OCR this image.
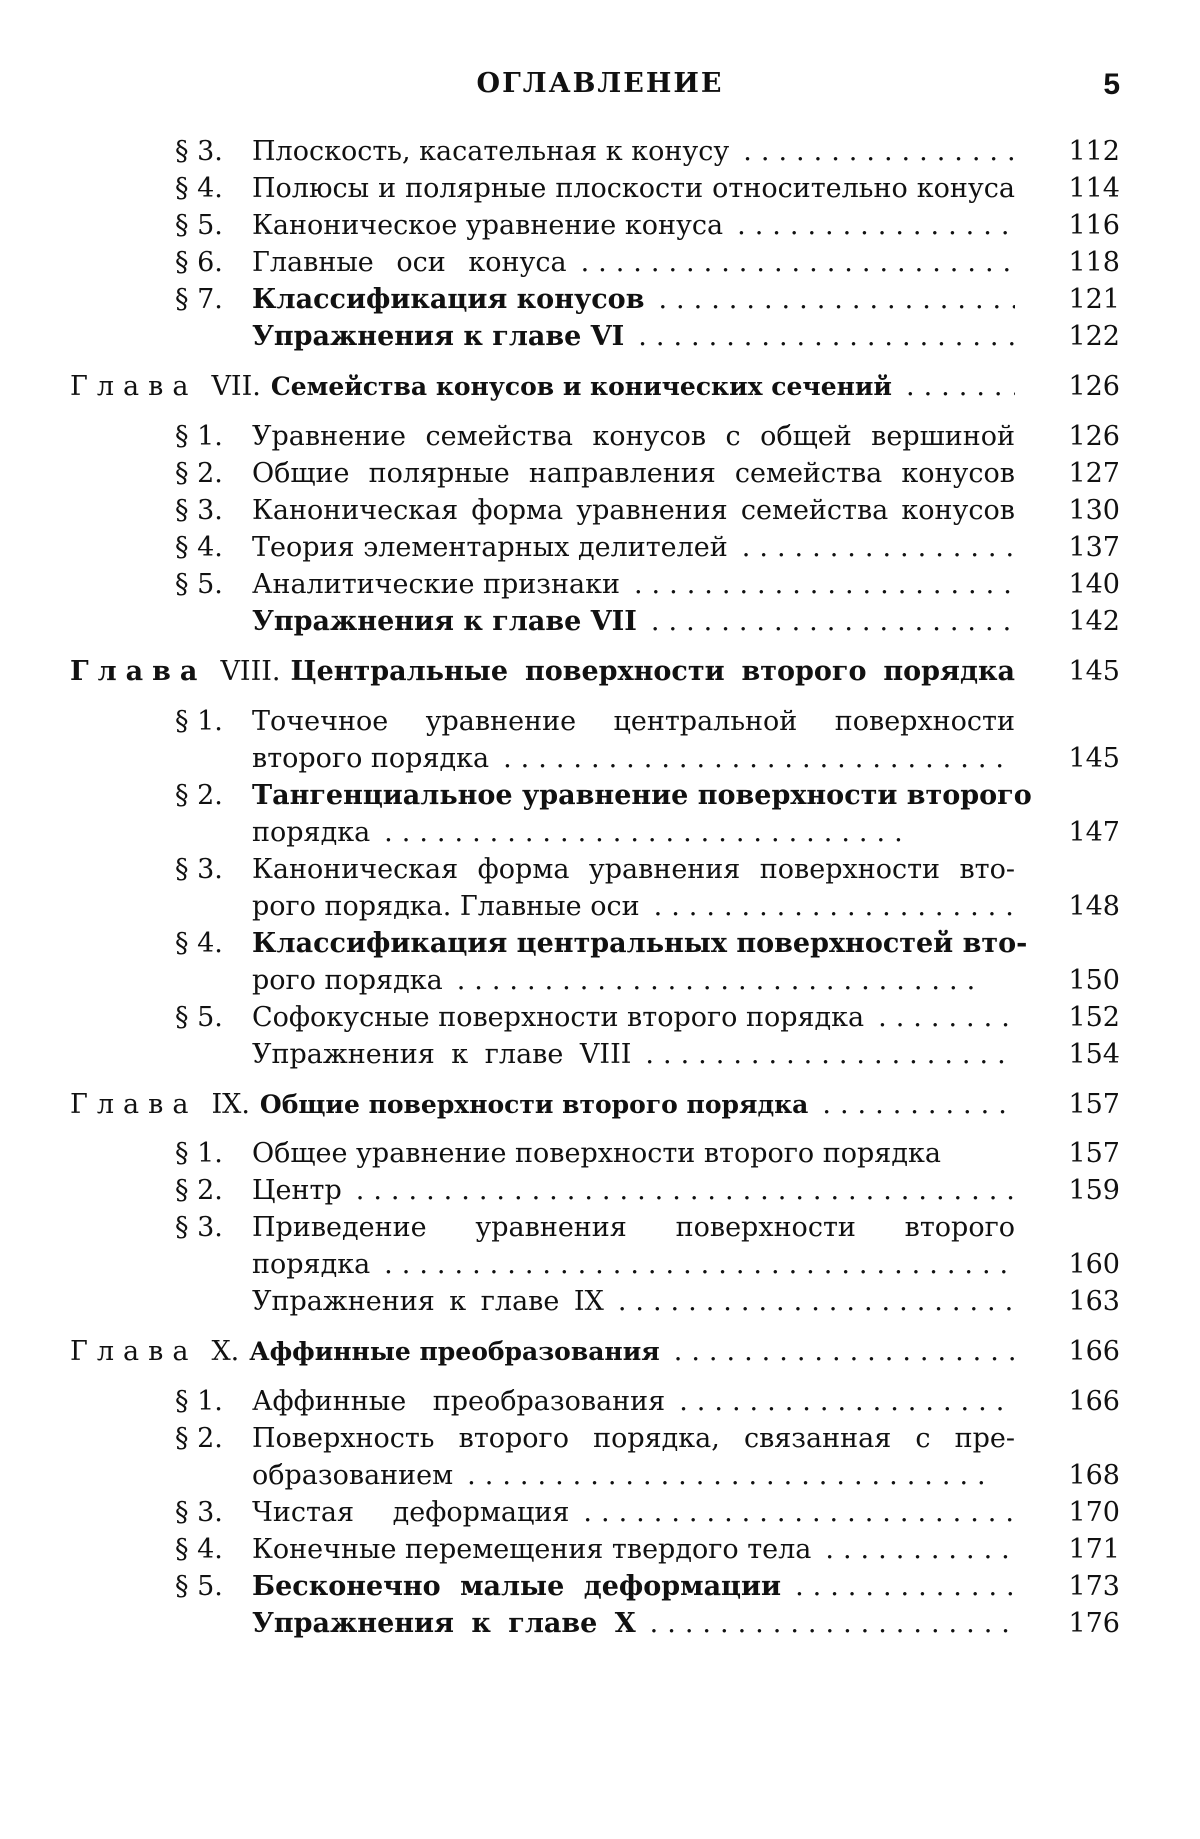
ОГЛАВЛЕНИЕ	5
§ 3. Плоскость, касательная к конусу ...............	112
§ 4. Полюсы и полярные плоскости относительно конуса	114
§ 5. Каноническое уравнение конуса ...............	116
§ 6. Главные оси конуса ........................	118
§ 7. Классификация конусов ....................	121
Упражнения к главе VI ......................	122
Глава VII. Семейства конусов и конических сечений ......	126
§ 1. Уравнение семейства конусов с общей вершиной	126
§ 2. Общие полярные направления семейства конусов	127
§ 3. Каноническая форма уравнения семейства конусов	130
§ 4. Теория элементарных делителей ...............	137
§ 5. Аналитические признаки ......................	140
Упражнения к главе VII ....................	142
Глава VIII. Центральные поверхности второго порядка	145
§ 1. Точечное уравнение центральной поверхности
второго порядка ..............................	145
§ 2. Тангенциальное уравнение поверхности второго
порядка ..............................	147
§ 3. Каноническая форма уравнения поверхности вто-
рого порядка. Главные оси ....................	148
§ 4. Классификация центральных поверхностей вто-
рого порядка ..............................	150
§ 5. Софокусные поверхности второго порядка .......	152
Упражнения к главе VIII .....................	154
Глава IX. Общие поверхности второго порядка ...........	157
§ 1. Общее уравнение поверхности второго порядка	157
§ 2. Центр .....................................	159
§ 3. Приведение уравнения поверхности второго
порядка ....................................	160
Упражнения к главе IX ......................	163
Глава X. Аффинные преобразования ...................	166
§ 1. Аффинные преобразования ...................	166
§ 2. Поверхность второго порядка, связанная с пре-
образованием ..............................	168
§ 3. Чистая деформация ........................	170
§ 4. Конечные перемещения твердого тела ...........	171
§ 5. Бесконечно малые деформации ............	173
Упражнения к главе X ....................	176
